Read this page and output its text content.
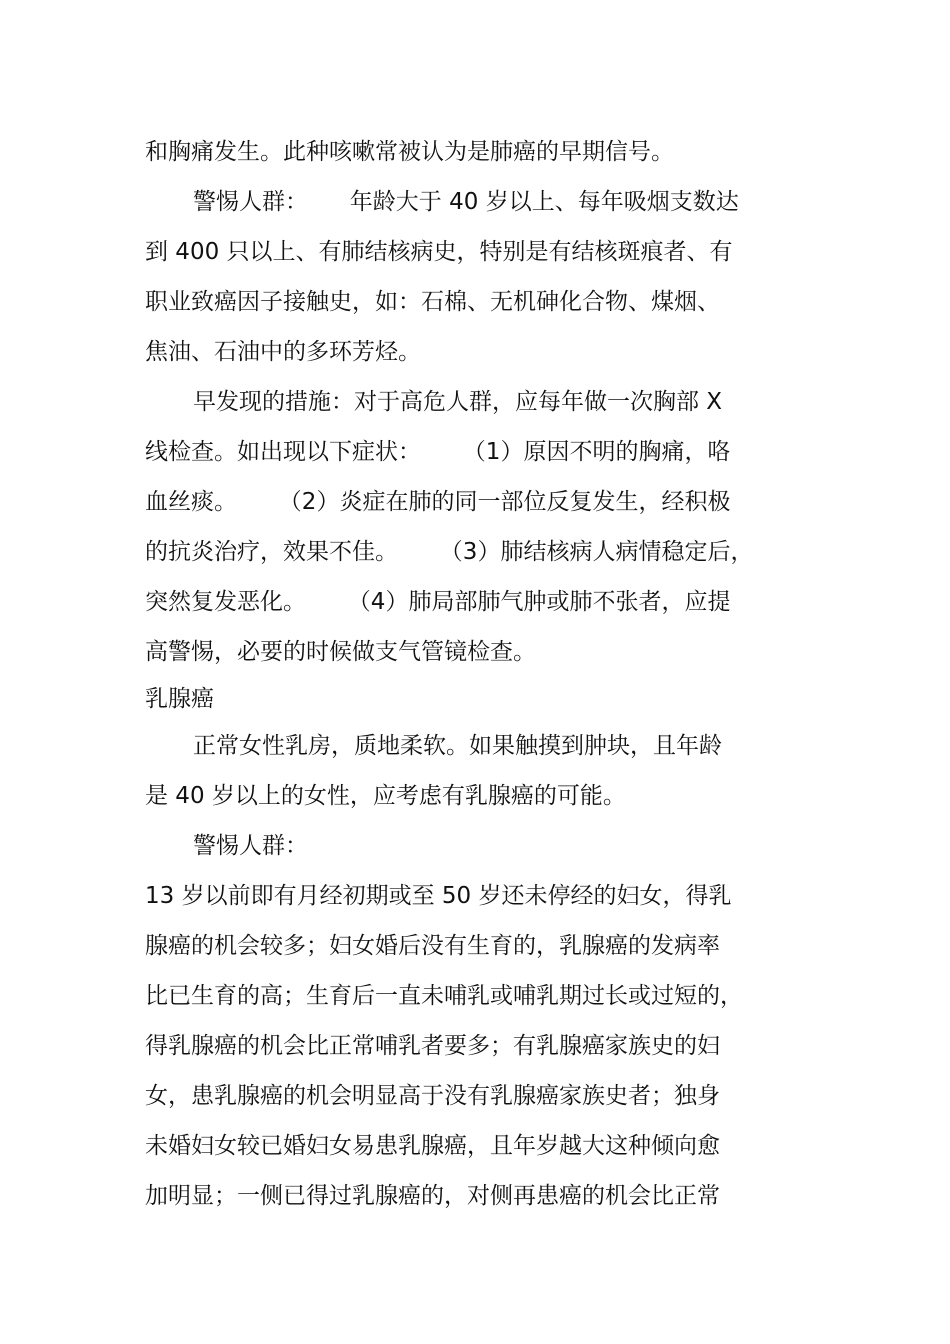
和胸痛发生。此种咳嗽常被认为是肺癌的早期信号。
警惕人群：　　 年龄大于 40 岁以上、每年吸烟支数达
到 400 只以上、有肺结核病史，特别是有结核斑痕者、有
职业致癌因子接触史，如：石棉、无机砷化合物、煤烟、
焦油、石油中的多环芳烃。
早发现的措施：对于高危人群，应每年做一次胸部 X
线检查。如出现以下症状：　　 （1）原因不明的胸痛，咯
血丝痰。　　 （2）炎症在肺的同一部位反复发生，经积极
的抗炎治疗，效果不佳。　　 （3）肺结核病人病情稳定后，
突然复发恶化。　　 （4）肺局部肺气肿或肺不张者，应提
高警惕，必要的时候做支气管镜检查。
乳腺癌
正常女性乳房，质地柔软。如果触摸到肿块，且年龄
是 40 岁以上的女性，应考虑有乳腺癌的可能。
警惕人群：
13 岁以前即有月经初期或至 50 岁还未停经的妇女，得乳
腺癌的机会较多；妇女婚后没有生育的，乳腺癌的发病率
比已生育的高；生育后一直未哺乳或哺乳期过长或过短的，
得乳腺癌的机会比正常哺乳者要多；有乳腺癌家族史的妇
女，患乳腺癌的机会明显高于没有乳腺癌家族史者；独身
未婚妇女较已婚妇女易患乳腺癌，且年岁越大这种倾向愈
加明显；一侧已得过乳腺癌的，对侧再患癌的机会比正常
